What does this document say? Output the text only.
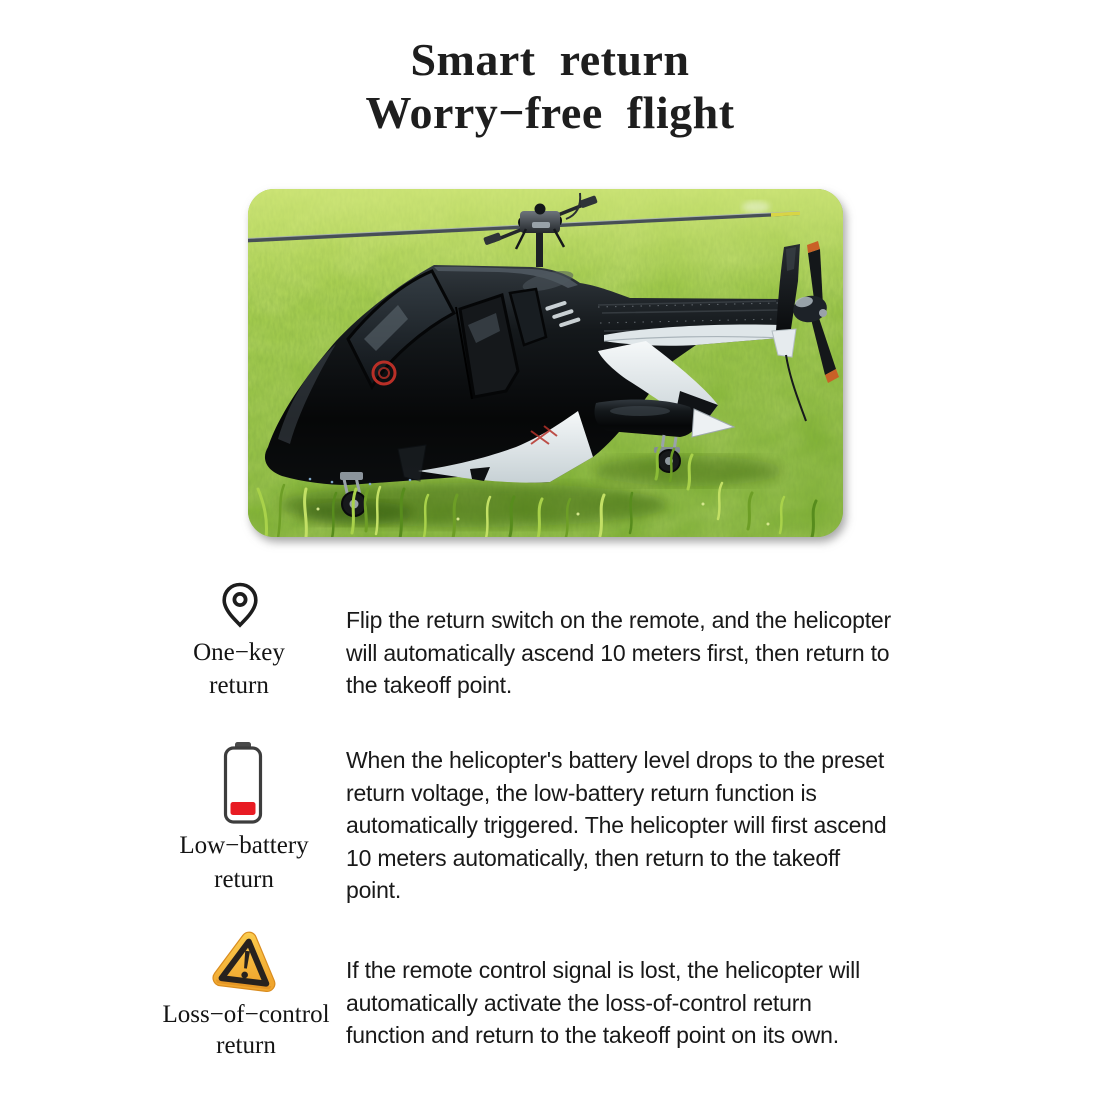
Smart return
Worry−free flight
One−key
return
Flip the return switch on the remote, and the helicopter
will automatically ascend 10 meters first, then return to
the takeoff point.
Low−battery
return
When the helicopter's battery level drops to the preset
return voltage, the low-battery return function is
automatically triggered. The helicopter will first ascend
10 meters automatically, then return to the takeoff
point.
Loss−of−control
return
If the remote control signal is lost, the helicopter will
automatically activate the loss-of-control return
function and return to the takeoff point on its own.
